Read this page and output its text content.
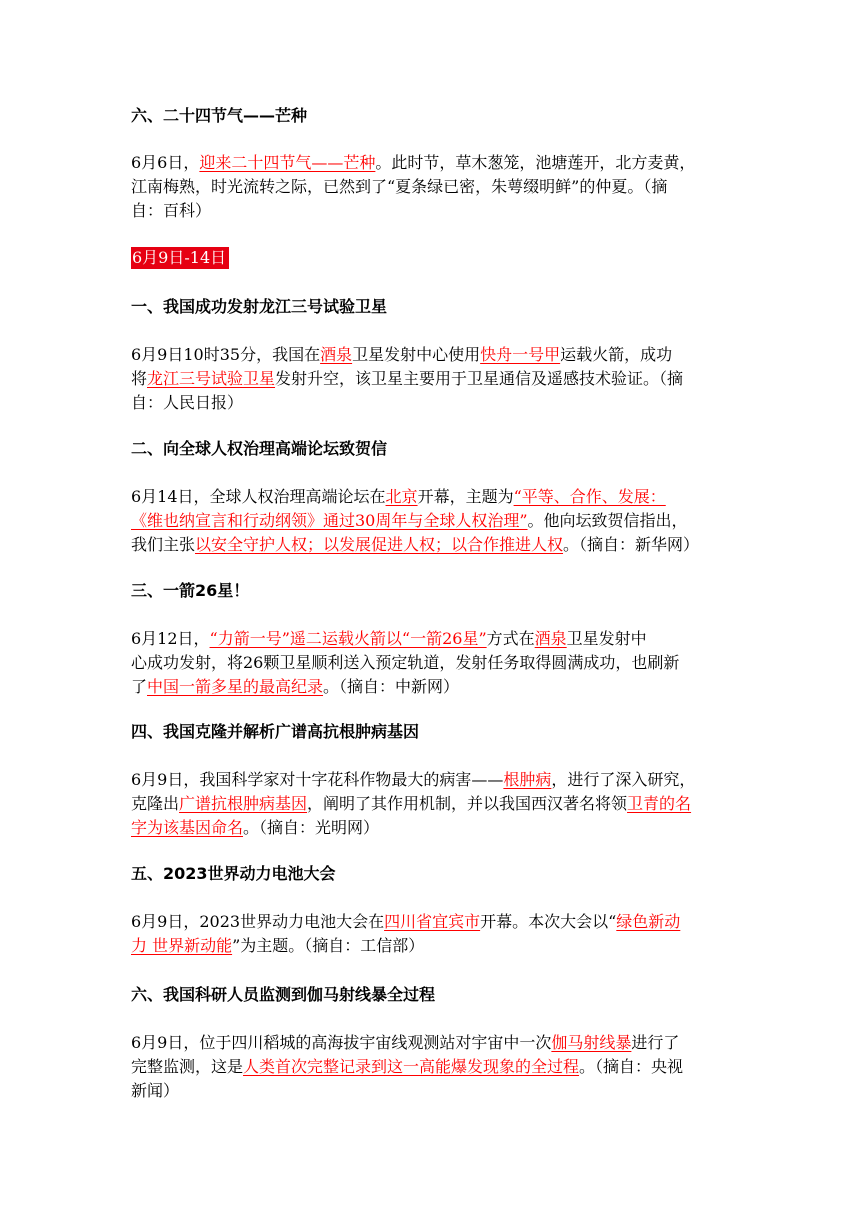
六、二十四节气——芒种
6月6日，迎来二十四节气——芒种。此时节，草木葱笼，池塘莲开，北方麦黄，
江南梅熟，时光流转之际，已然到了“夏条绿已密，朱萼缀明鲜”的仲夏。（摘
自：百科）
6月9日-14日
一、我国成功发射龙江三号试验卫星
6月9日10时35分，我国在酒泉卫星发射中心使用快舟一号甲运载火箭，成功
将龙江三号试验卫星发射升空，该卫星主要用于卫星通信及遥感技术验证。（摘
自：人民日报）
二、向全球人权治理高端论坛致贺信
6月14日，全球人权治理高端论坛在北京开幕，主题为“平等、合作、发展：
《维也纳宣言和行动纲领》通过30周年与全球人权治理”。他向坛致贺信指出，
我们主张以安全守护人权；以发展促进人权；以合作推进人权。（摘自：新华网）
三、一箭26星！
6月12日，“力箭一号”遥二运载火箭以“一箭26星”方式在酒泉卫星发射中
心成功发射，将26颗卫星顺利送入预定轨道，发射任务取得圆满成功，也刷新
了中国一箭多星的最高纪录。（摘自：中新网）
四、我国克隆并解析广谱高抗根肿病基因
6月9日，我国科学家对十字花科作物最大的病害——根肿病，进行了深入研究，
克隆出广谱抗根肿病基因，阐明了其作用机制，并以我国西汉著名将领卫青的名
字为该基因命名。（摘自：光明网）
五、2023世界动力电池大会
6月9日，2023世界动力电池大会在四川省宜宾市开幕。本次大会以“绿色新动
力 世界新动能”为主题。（摘自：工信部）
六、我国科研人员监测到伽马射线暴全过程
6月9日，位于四川稻城的高海拔宇宙线观测站对宇宙中一次伽马射线暴进行了
完整监测，这是人类首次完整记录到这一高能爆发现象的全过程。（摘自：央视
新闻）
